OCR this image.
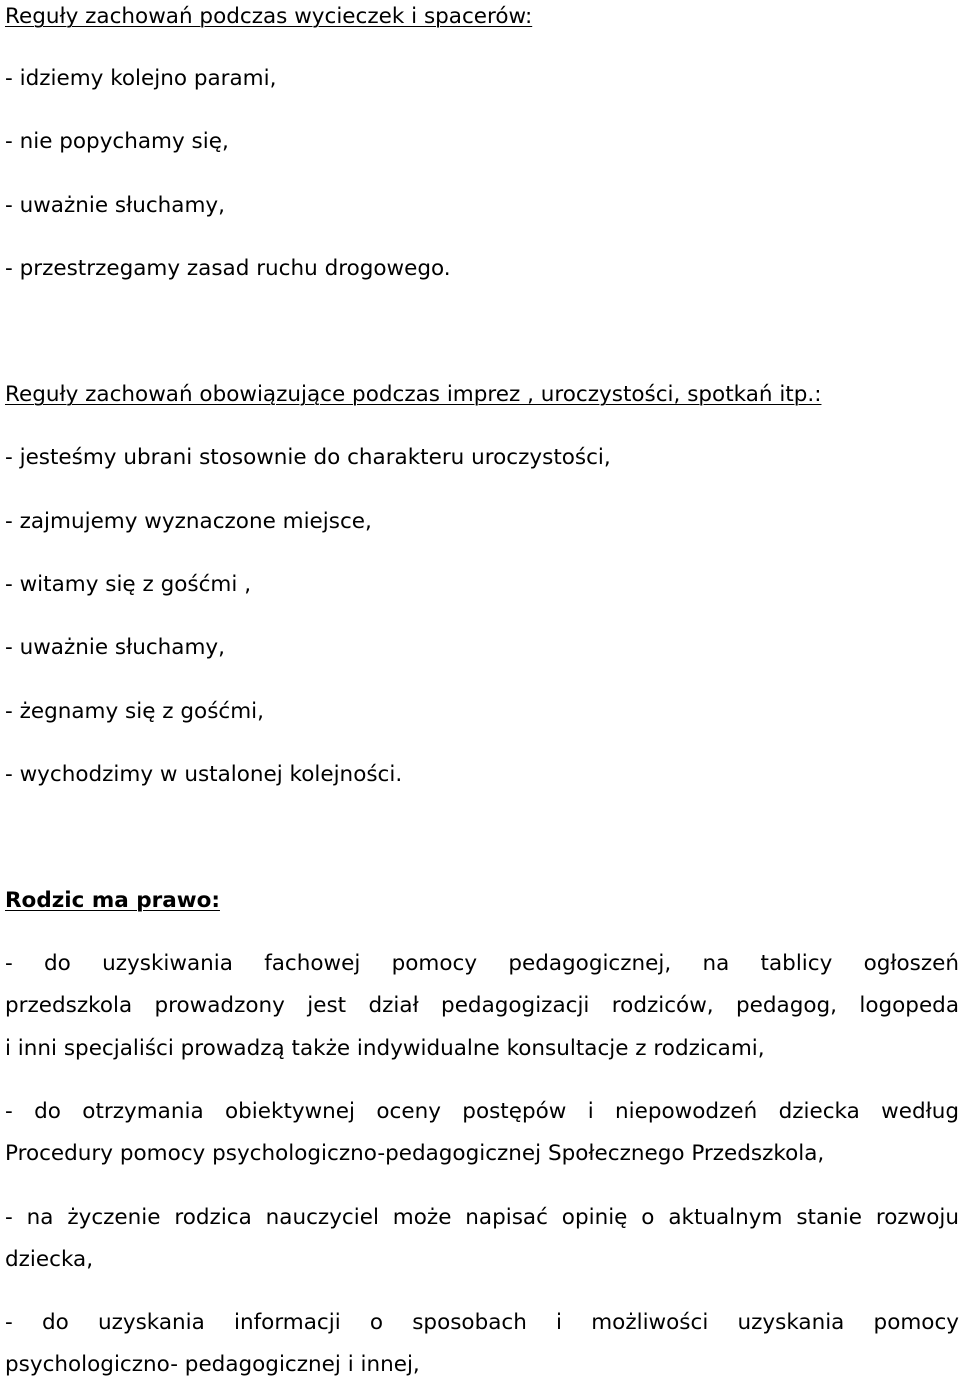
Reguły zachowań podczas wycieczek i spacerów:
- idziemy kolejno parami,
- nie popychamy się,
- uważnie słuchamy,
- przestrzegamy zasad ruchu drogowego.
Reguły zachowań obowiązujące podczas imprez , uroczystości, spotkań itp.:
- jesteśmy ubrani stosownie do charakteru uroczystości,
- zajmujemy wyznaczone miejsce,
- witamy się z gośćmi ,
- uważnie słuchamy,
- żegnamy się z gośćmi,
- wychodzimy w ustalonej kolejności.
Rodzic ma prawo:
- do uzyskiwania fachowej pomocy pedagogicznej, na tablicy ogłoszeń
przedszkola prowadzony jest dział pedagogizacji rodziców, pedagog, logopeda
i inni specjaliści prowadzą także indywidualne konsultacje z rodzicami,
- do otrzymania obiektywnej oceny postępów i niepowodzeń dziecka według
Procedury pomocy psychologiczno-pedagogicznej Społecznego Przedszkola,
- na życzenie rodzica nauczyciel może napisać opinię o aktualnym stanie rozwoju
dziecka,
- do uzyskania informacji o sposobach i możliwości uzyskania pomocy
psychologiczno- pedagogicznej i innej,
